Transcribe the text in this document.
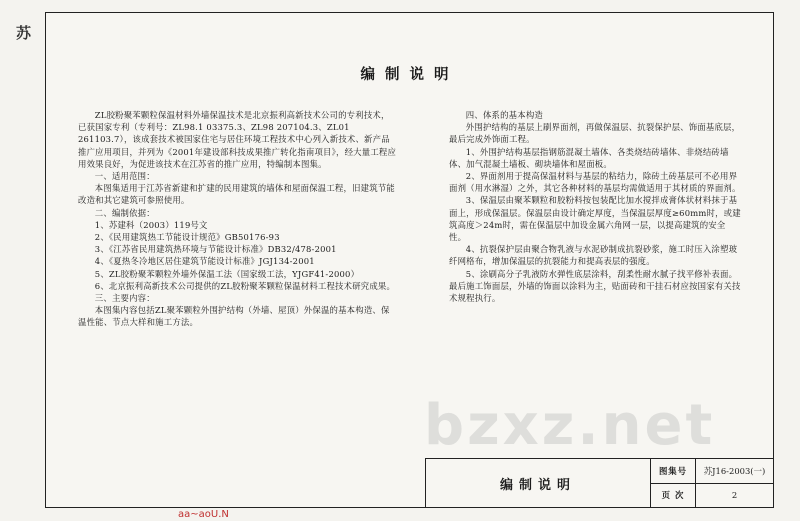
苏
编制说明

ZL胶粉聚苯颗粒保温材料外墙保温技术是北京振利高新技术公司的专利技术，已获国家专利（专利号：ZL98.1 03375.3、ZL98 207104.3、ZL01 261103.7），该成套技术被国家住宅与居住环境工程技术中心列入新技术、新产品推广应用项目，并列为《2001年建设部科技成果推广转化指南项目》，经大量工程应用效果良好，为促进该技术在江苏省的推广应用，特编制本图集。

一、适用范围：

本图集适用于江苏省新建和扩建的民用建筑的墙体和屋面保温工程，旧建筑节能改造和其它建筑可参照使用。

二、编制依据：

1、苏建科（2003）119号文

2、《民用建筑热工节能设计规范》GB50176-93

3、《江苏省民用建筑热环境与节能设计标准》DB32/478-2001

4、《夏热冬冷地区居住建筑节能设计标准》JGJ134-2001

5、ZL胶粉聚苯颗粒外墙外保温工法（国家级工法，YJGF41-2000）

6、北京振利高新技术公司提供的ZL胶粉聚苯颗粒保温材料工程技术研究成果。

三、主要内容：

本图集内容包括ZL聚苯颗粒外围护结构（外墙、屋顶）外保温的基本构造、保温性能、节点大样和施工方法。

四、体系的基本构造

外围护结构的基层上刷界面剂，再做保温层、抗裂保护层、饰面基底层，最后完成外饰面工程。

1、外围护结构基层指钢筋混凝土墙体、各类烧结砖墙体、非烧结砖墙体、加气混凝土墙板、砌块墙体和屋面板。

2、界面剂用于提高保温材料与基层的粘结力，除砖土砖基层可不必用界面剂（用水淋湿）之外，其它各种材料的基层均需做适用于其材质的界面剂。

3、保温层由聚苯颗粒和胶粉料按包装配比加水搅拌成膏体状材料抹于基面上，形成保温层。保温层由设计确定厚度，当保温层厚度≥60mm时，或建筑高度＞24m时，需在保温层中加设金属六角网一层，以提高建筑的安全性。

4、抗裂保护层由聚合物乳液与水泥砂制成抗裂砂浆，施工时压入涂塑玻纤网格布，增加保温层的抗裂能力和提高表层的强度。

5、涂刷高分子乳液防水弹性底层涂料，刮柔性耐水腻子找平修补表面。最后施工饰面层，外墙的饰面以涂料为主，贴面砖和干挂石材应按国家有关技术规程执行。

编制说明
图集号	苏J16-2003(一)
页 次	2
bzxz.net
aa~aoU.N
